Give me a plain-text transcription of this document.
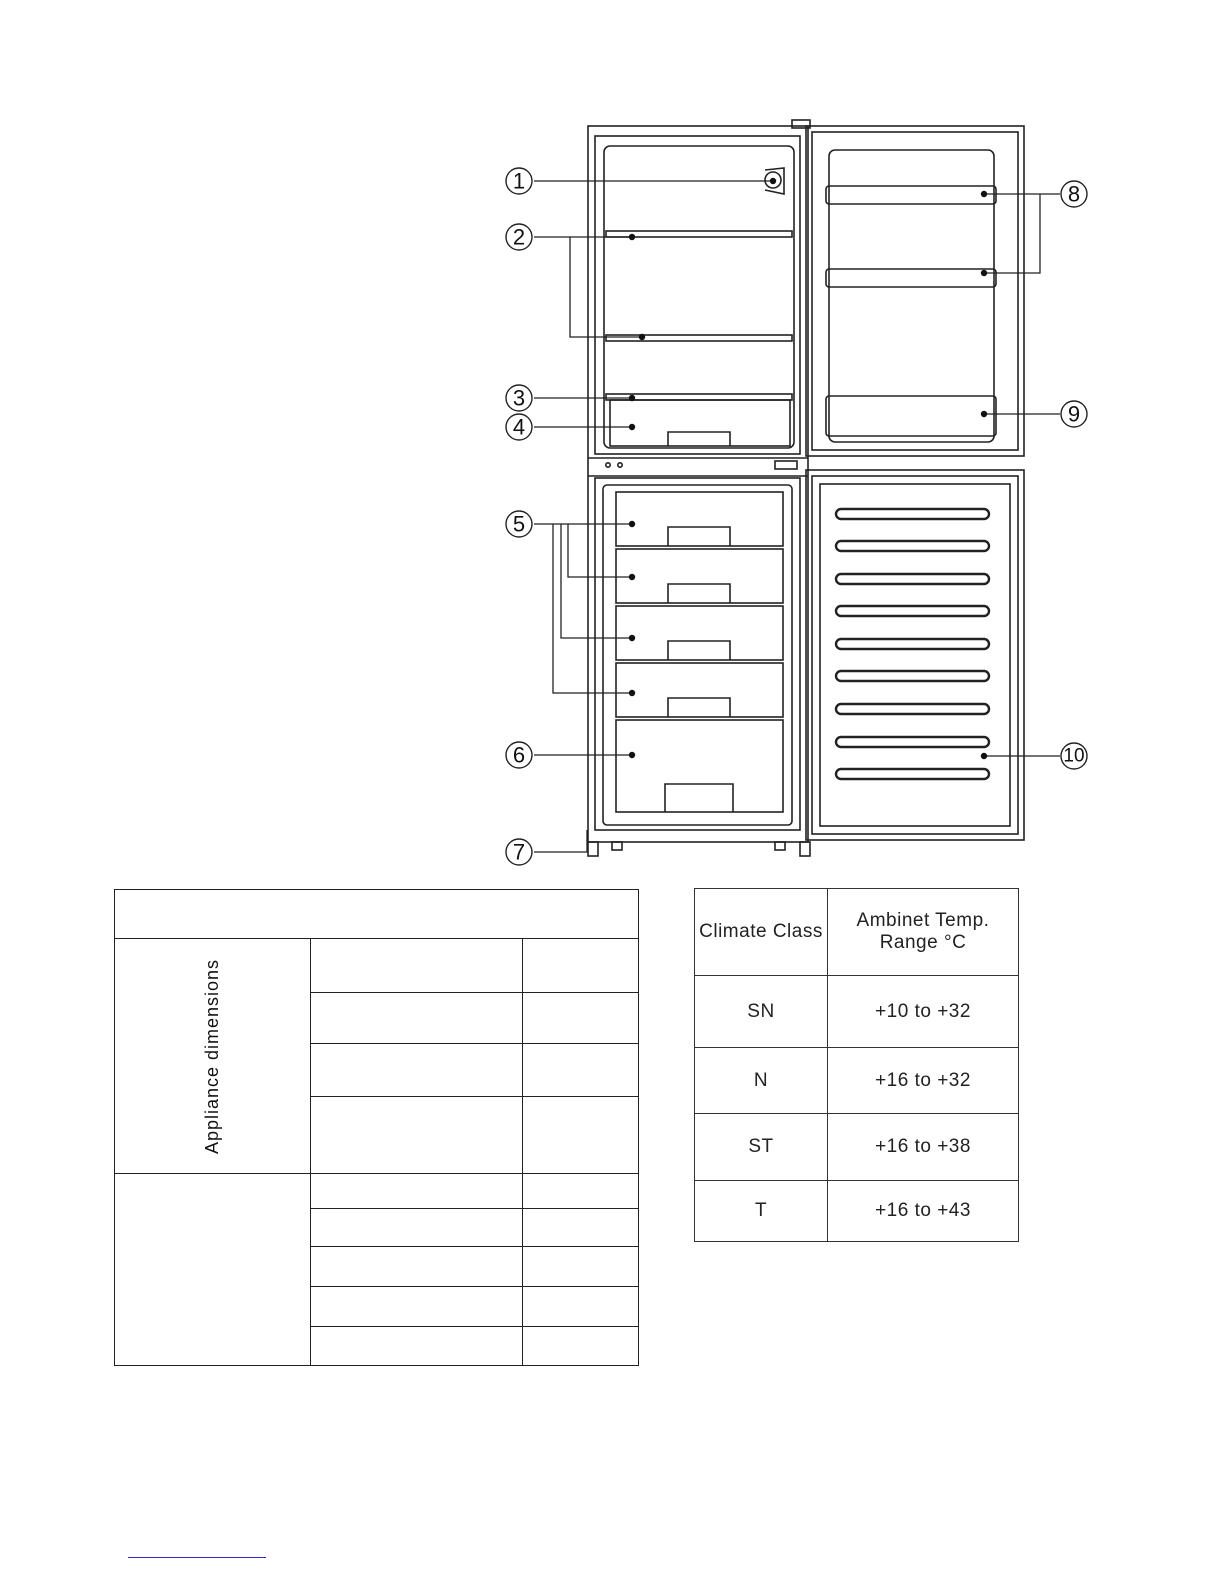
1
2
3
4
5
6
7
8
9
10

Appliance dimensions		

Climate Class	Ambinet Temp. Range °C
SN	+10 to +32
N	+16 to +32
ST	+16 to +38
T	+16 to +43
